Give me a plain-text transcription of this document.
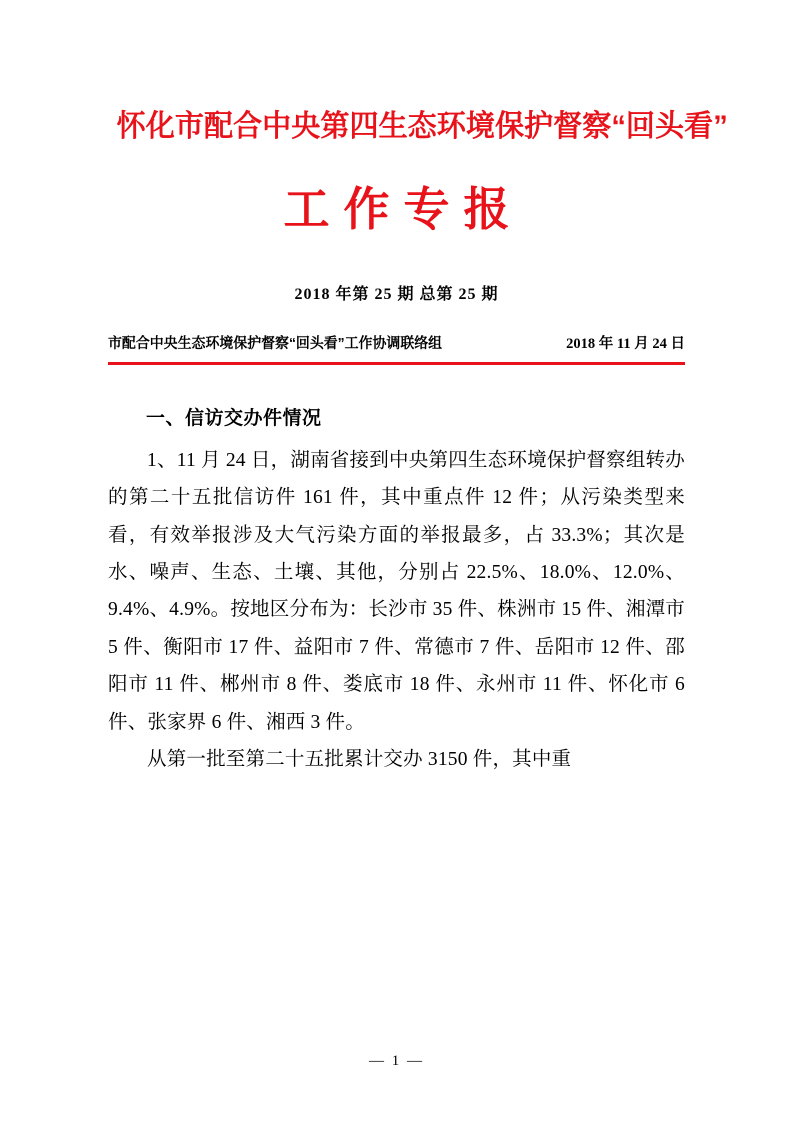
怀化市配合中央第四生态环境保护督察“回头看”
工作专报
2018 年第 25 期 总第 25 期
市配合中央生态环境保护督察“回头看”工作协调联络组	2018 年 11 月 24 日
一、信访交办件情况

1、11 月 24 日，湖南省接到中央第四生态环境保护督察组转办的第二十五批信访件 161 件，其中重点件 12 件；从污染类型来看，有效举报涉及大气污染方面的举报最多，占 33.3%；其次是水、噪声、生态、土壤、其他，分别占 22.5%、18.0%、12.0%、9.4%、4.9%。按地区分布为：长沙市 35 件、株洲市 15 件、湘潭市 5 件、衡阳市 17 件、益阳市 7 件、常德市 7 件、岳阳市 12 件、邵阳市 11 件、郴州市 8 件、娄底市 18 件、永州市 11 件、怀化市 6 件、张家界 6 件、湘西 3 件。

从第一批至第二十五批累计交办 3150 件，其中重

— 1 —
